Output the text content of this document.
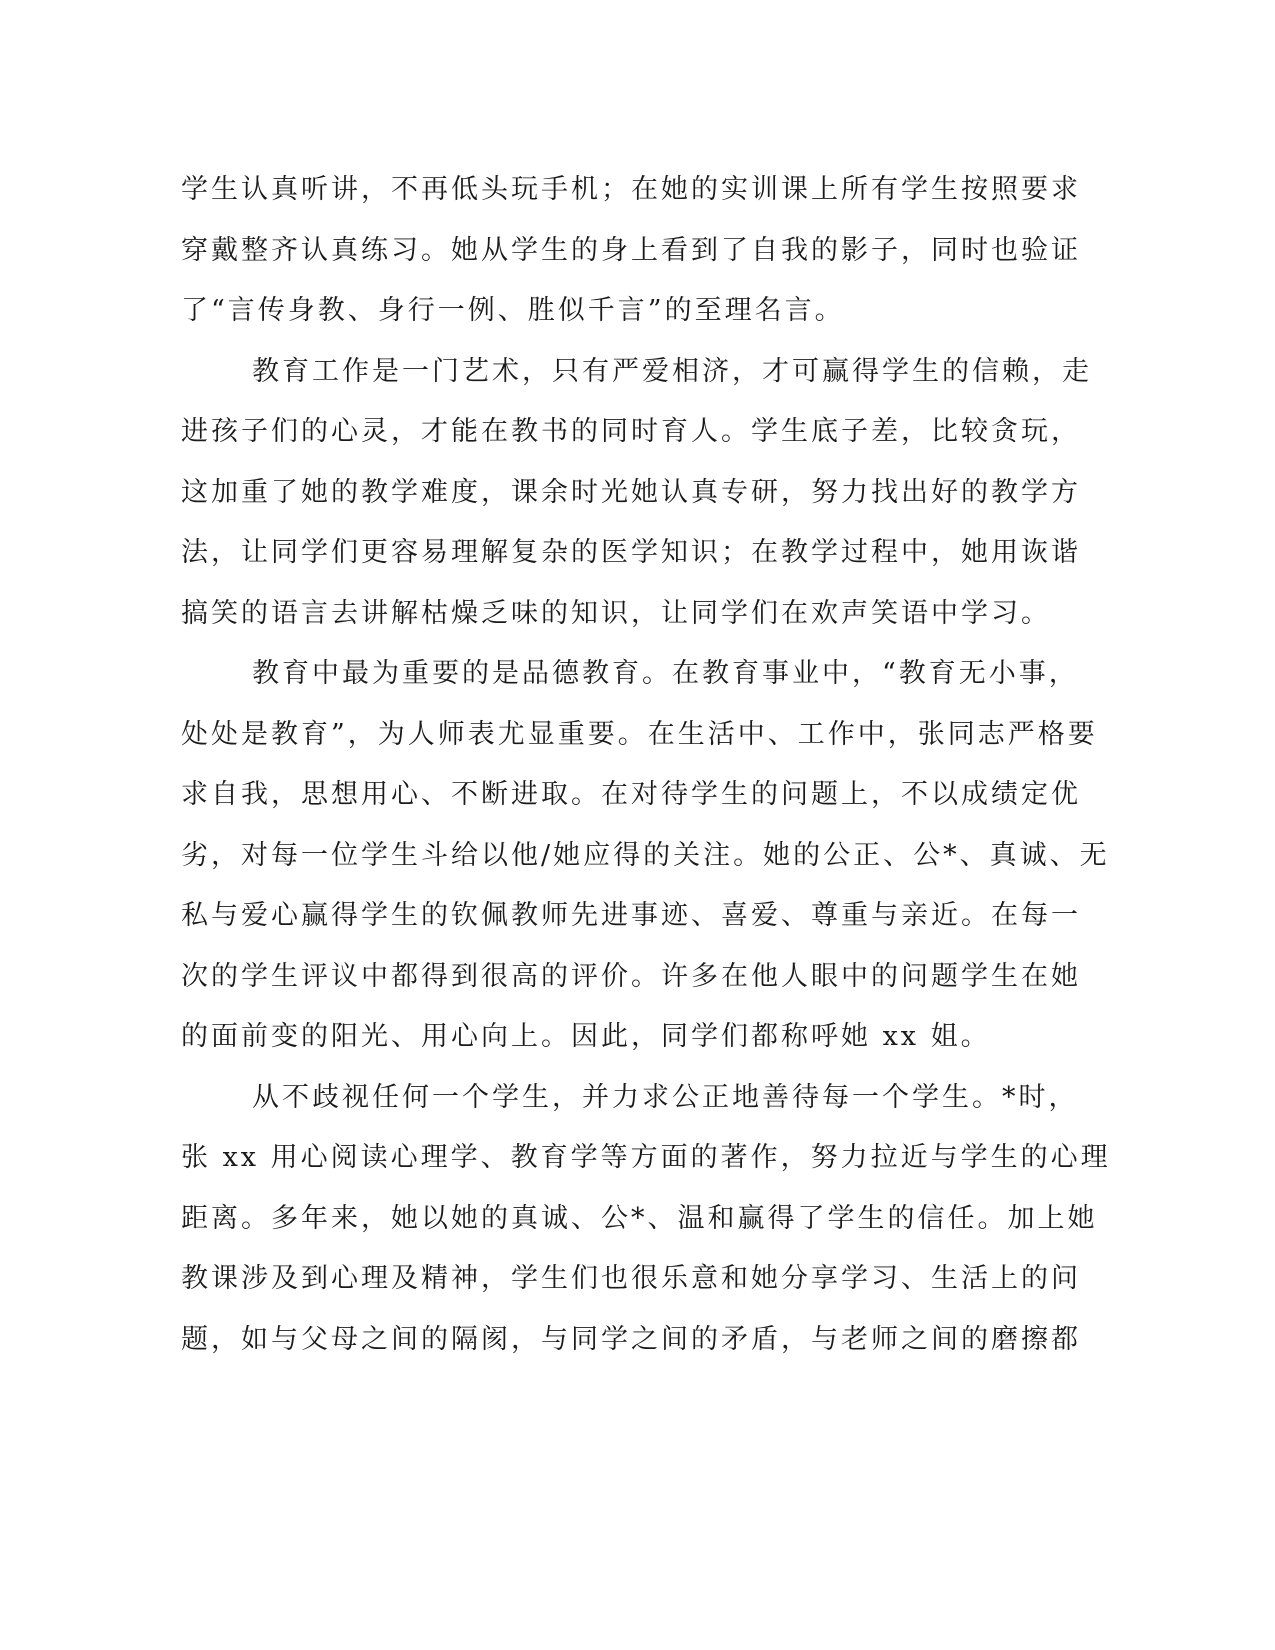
学生认真听讲，不再低头玩手机；在她的实训课上所有学生按照要求
穿戴整齐认真练习。她从学生的身上看到了自我的影子，同时也验证
了“言传身教、身行一例、胜似千言”的至理名言。
教育工作是一门艺术，只有严爱相济，才可赢得学生的信赖，走
进孩子们的心灵，才能在教书的同时育人。学生底子差，比较贪玩，
这加重了她的教学难度，课余时光她认真专研，努力找出好的教学方
法，让同学们更容易理解复杂的医学知识；在教学过程中，她用诙谐
搞笑的语言去讲解枯燥乏味的知识，让同学们在欢声笑语中学习。
教育中最为重要的是品德教育。在教育事业中，“教育无小事，
处处是教育”，为人师表尤显重要。在生活中、工作中，张同志严格要
求自我，思想用心、不断进取。在对待学生的问题上，不以成绩定优
劣，对每一位学生斗给以他/她应得的关注。她的公正、公*、真诚、无
私与爱心赢得学生的钦佩教师先进事迹、喜爱、尊重与亲近。在每一
次的学生评议中都得到很高的评价。许多在他人眼中的问题学生在她
的面前变的阳光、用心向上。因此，同学们都称呼她 xx 姐。
从不歧视任何一个学生，并力求公正地善待每一个学生。*时，
张 xx 用心阅读心理学、教育学等方面的著作，努力拉近与学生的心理
距离。多年来，她以她的真诚、公*、温和赢得了学生的信任。加上她
教课涉及到心理及精神，学生们也很乐意和她分享学习、生活上的问
题，如与父母之间的隔阂，与同学之间的矛盾，与老师之间的磨擦都
